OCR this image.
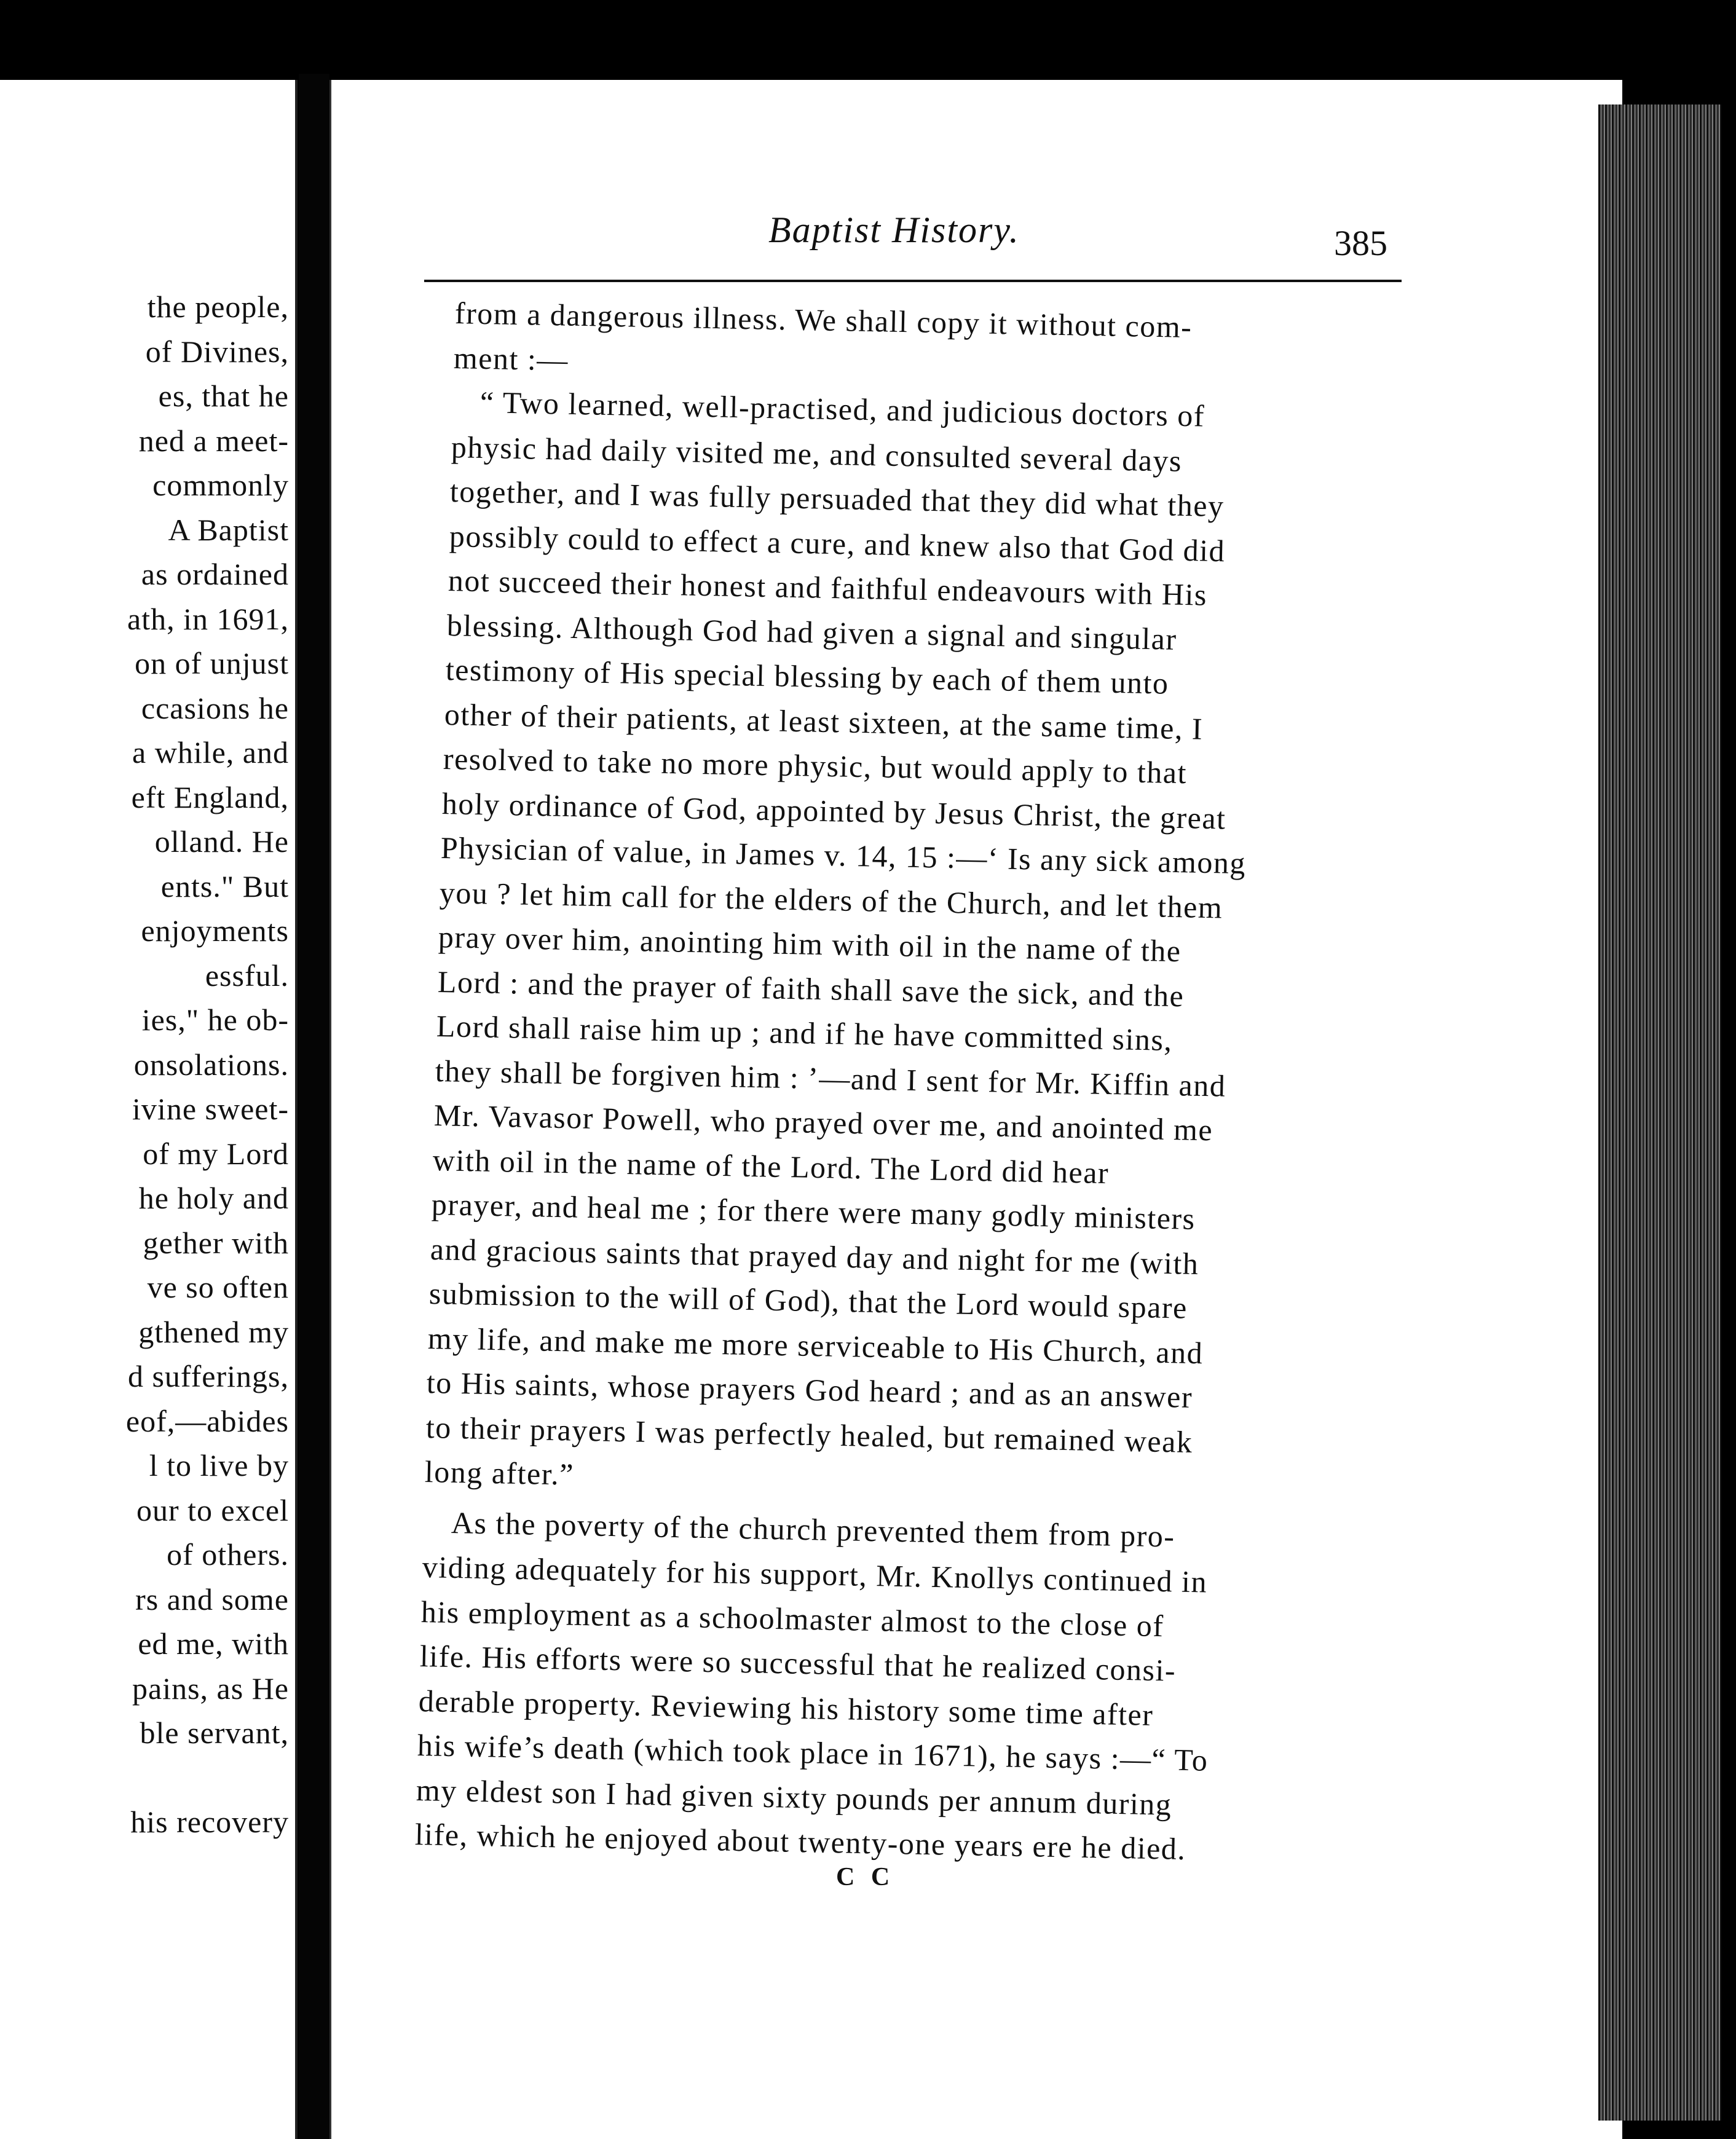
the people,
of Divines,
es, that he
ned a meet-
commonly
A Baptist
as ordained
ath, in 1691,
on of unjust
ccasions he
a while, and
eft England,
olland. He
ents." But
enjoyments
essful.
ies," he ob-
onsolations.
ivine sweet-
of my Lord
he holy and
gether with
ve so often
gthened my
d sufferings,
eof,—abides
l to live by
our to excel
of others.
rs and some
ed me, with
pains, as He
ble servant,
his recovery
Baptist History.	385
from a dangerous illness. We shall copy it without com-
ment :—
“ Two learned, well-practised, and judicious doctors of
physic had daily visited me, and consulted several days
together, and I was fully persuaded that they did what they
possibly could to effect a cure, and knew also that God did
not succeed their honest and faithful endeavours with His
blessing. Although God had given a signal and singular
testimony of His special blessing by each of them unto
other of their patients, at least sixteen, at the same time, I
resolved to take no more physic, but would apply to that
holy ordinance of God, appointed by Jesus Christ, the great
Physician of value, in James v. 14, 15 :—‘ Is any sick among
you ? let him call for the elders of the Church, and let them
pray over him, anointing him with oil in the name of the
Lord : and the prayer of faith shall save the sick, and the
Lord shall raise him up ; and if he have committed sins,
they shall be forgiven him : ’—and I sent for Mr. Kiffin and
Mr. Vavasor Powell, who prayed over me, and anointed me
with oil in the name of the Lord. The Lord did hear
prayer, and heal me ; for there were many godly ministers
and gracious saints that prayed day and night for me (with
submission to the will of God), that the Lord would spare
my life, and make me more serviceable to His Church, and
to His saints, whose prayers God heard ; and as an answer
to their prayers I was perfectly healed, but remained weak
long after.”
As the poverty of the church prevented them from pro-
viding adequately for his support, Mr. Knollys continued in
his employment as a schoolmaster almost to the close of
life. His efforts were so successful that he realized consi-
derable property. Reviewing his history some time after
his wife’s death (which took place in 1671), he says :—“ To
my eldest son I had given sixty pounds per annum during
life, which he enjoyed about twenty-one years ere he died.
C C
